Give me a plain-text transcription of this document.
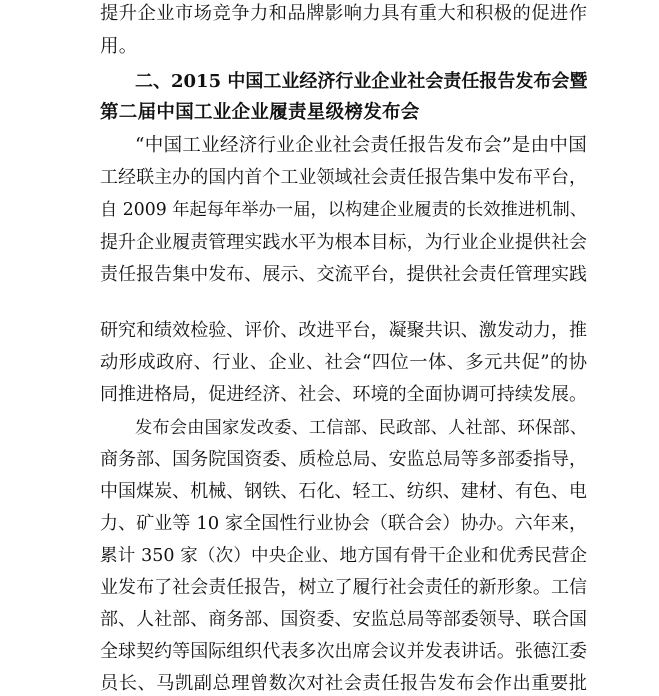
提升企业市场竞争力和品牌影响力具有重大和积极的促进作
用。
二、2015 中国工业经济行业企业社会责任报告发布会暨
第二届中国工业企业履责星级榜发布会
“中国工业经济行业企业社会责任报告发布会”是由中国
工经联主办的国内首个工业领域社会责任报告集中发布平台，
自 2009 年起每年举办一届，以构建企业履责的长效推进机制、
提升企业履责管理实践水平为根本目标，为行业企业提供社会
责任报告集中发布、展示、交流平台，提供社会责任管理实践
研究和绩效检验、评价、改进平台，凝聚共识、激发动力，推
动形成政府、行业、企业、社会“四位一体、多元共促”的协
同推进格局，促进经济、社会、环境的全面协调可持续发展。
发布会由国家发改委、工信部、民政部、人社部、环保部、
商务部、国务院国资委、质检总局、安监总局等多部委指导，
中国煤炭、机械、钢铁、石化、轻工、纺织、建材、有色、电
力、矿业等 10 家全国性行业协会（联合会）协办。六年来，
累计 350 家（次）中央企业、地方国有骨干企业和优秀民营企
业发布了社会责任报告，树立了履行社会责任的新形象。工信
部、人社部、商务部、国资委、安监总局等部委领导、联合国
全球契约等国际组织代表多次出席会议并发表讲话。张德江委
员长、马凯副总理曾数次对社会责任报告发布会作出重要批
